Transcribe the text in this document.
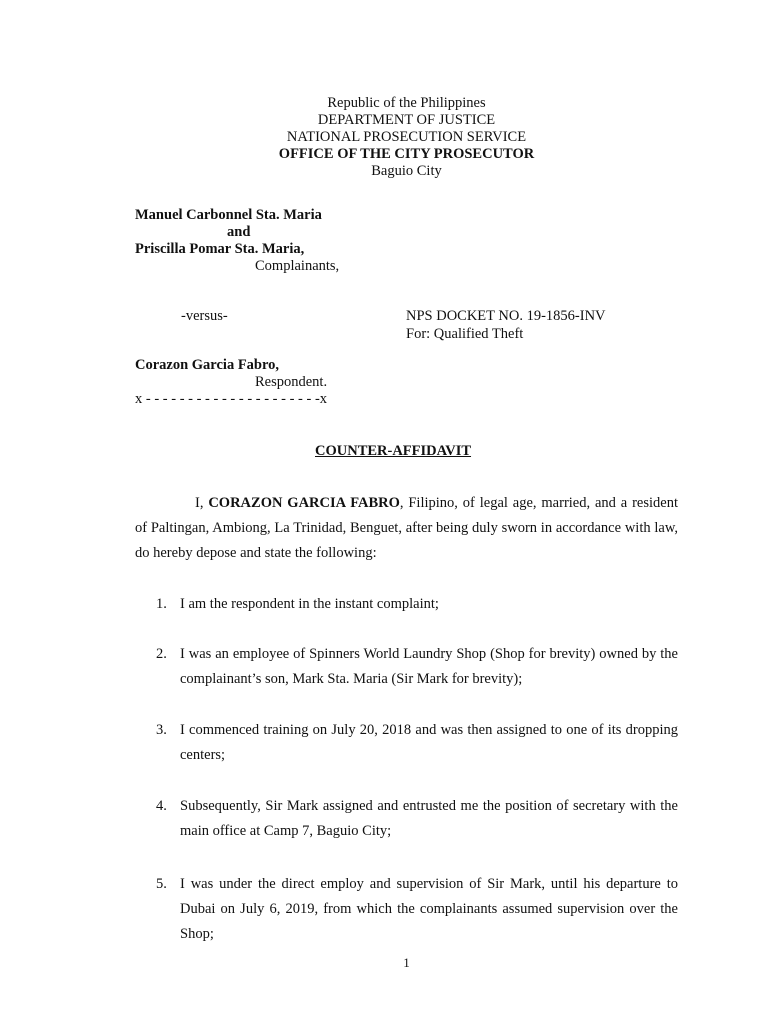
Republic of the Philippines

DEPARTMENT OF JUSTICE

NATIONAL PROSECUTION SERVICE

OFFICE OF THE CITY PROSECUTOR

Baguio City

Manuel Carbonnel Sta. Maria

and

Priscilla Pomar Sta. Maria,

Complainants,

-versus-	NPS DOCKET NO. 19-1856-INV

For: Qualified Theft

Corazon Garcia Fabro,

Respondent.

x - - - - - - - - - - - - - - - - - - - - -x

COUNTER-AFFIDAVIT

I, CORAZON GARCIA FABRO, Filipino, of legal age, married, and a resident of Paltingan, Ambiong, La Trinidad, Benguet, after being duly sworn in accordance with law, do hereby depose and state the following:

1. I am the respondent in the instant complaint;

2. I was an employee of Spinners World Laundry Shop (Shop for brevity) owned by the complainant’s son, Mark Sta. Maria (Sir Mark for brevity);

3. I commenced training on July 20, 2018 and was then assigned to one of its dropping centers;

4. Subsequently, Sir Mark assigned and entrusted me the position of secretary with the main office at Camp 7, Baguio City;

5. I was under the direct employ and supervision of Sir Mark, until his departure to Dubai on July 6, 2019, from which the complainants assumed supervision over the Shop;

1
